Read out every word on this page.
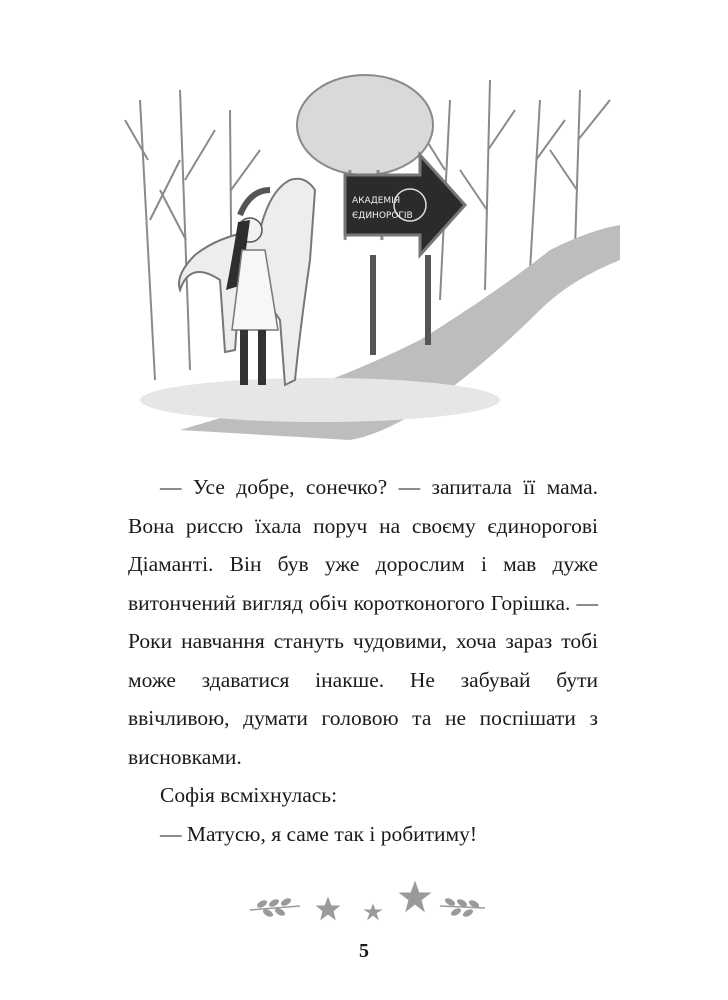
АКАДЕМІЯ
ЄДИНОРОГІВ

— Усе добре, сонечко? — запитала її мама. Вона риссю їхала поруч на своєму єдинорогові Діаманті. Він був уже дорослим і мав дуже витончений вигляд обіч коротконогого Горішка. — Роки навчання стануть чудовими, хоча зараз тобі може здаватися інакше. Не забувай бути ввічливою, думати головою та не поспішати з висновками.

Софія всміхнулась:

— Матусю, я саме так і робитиму!

5
